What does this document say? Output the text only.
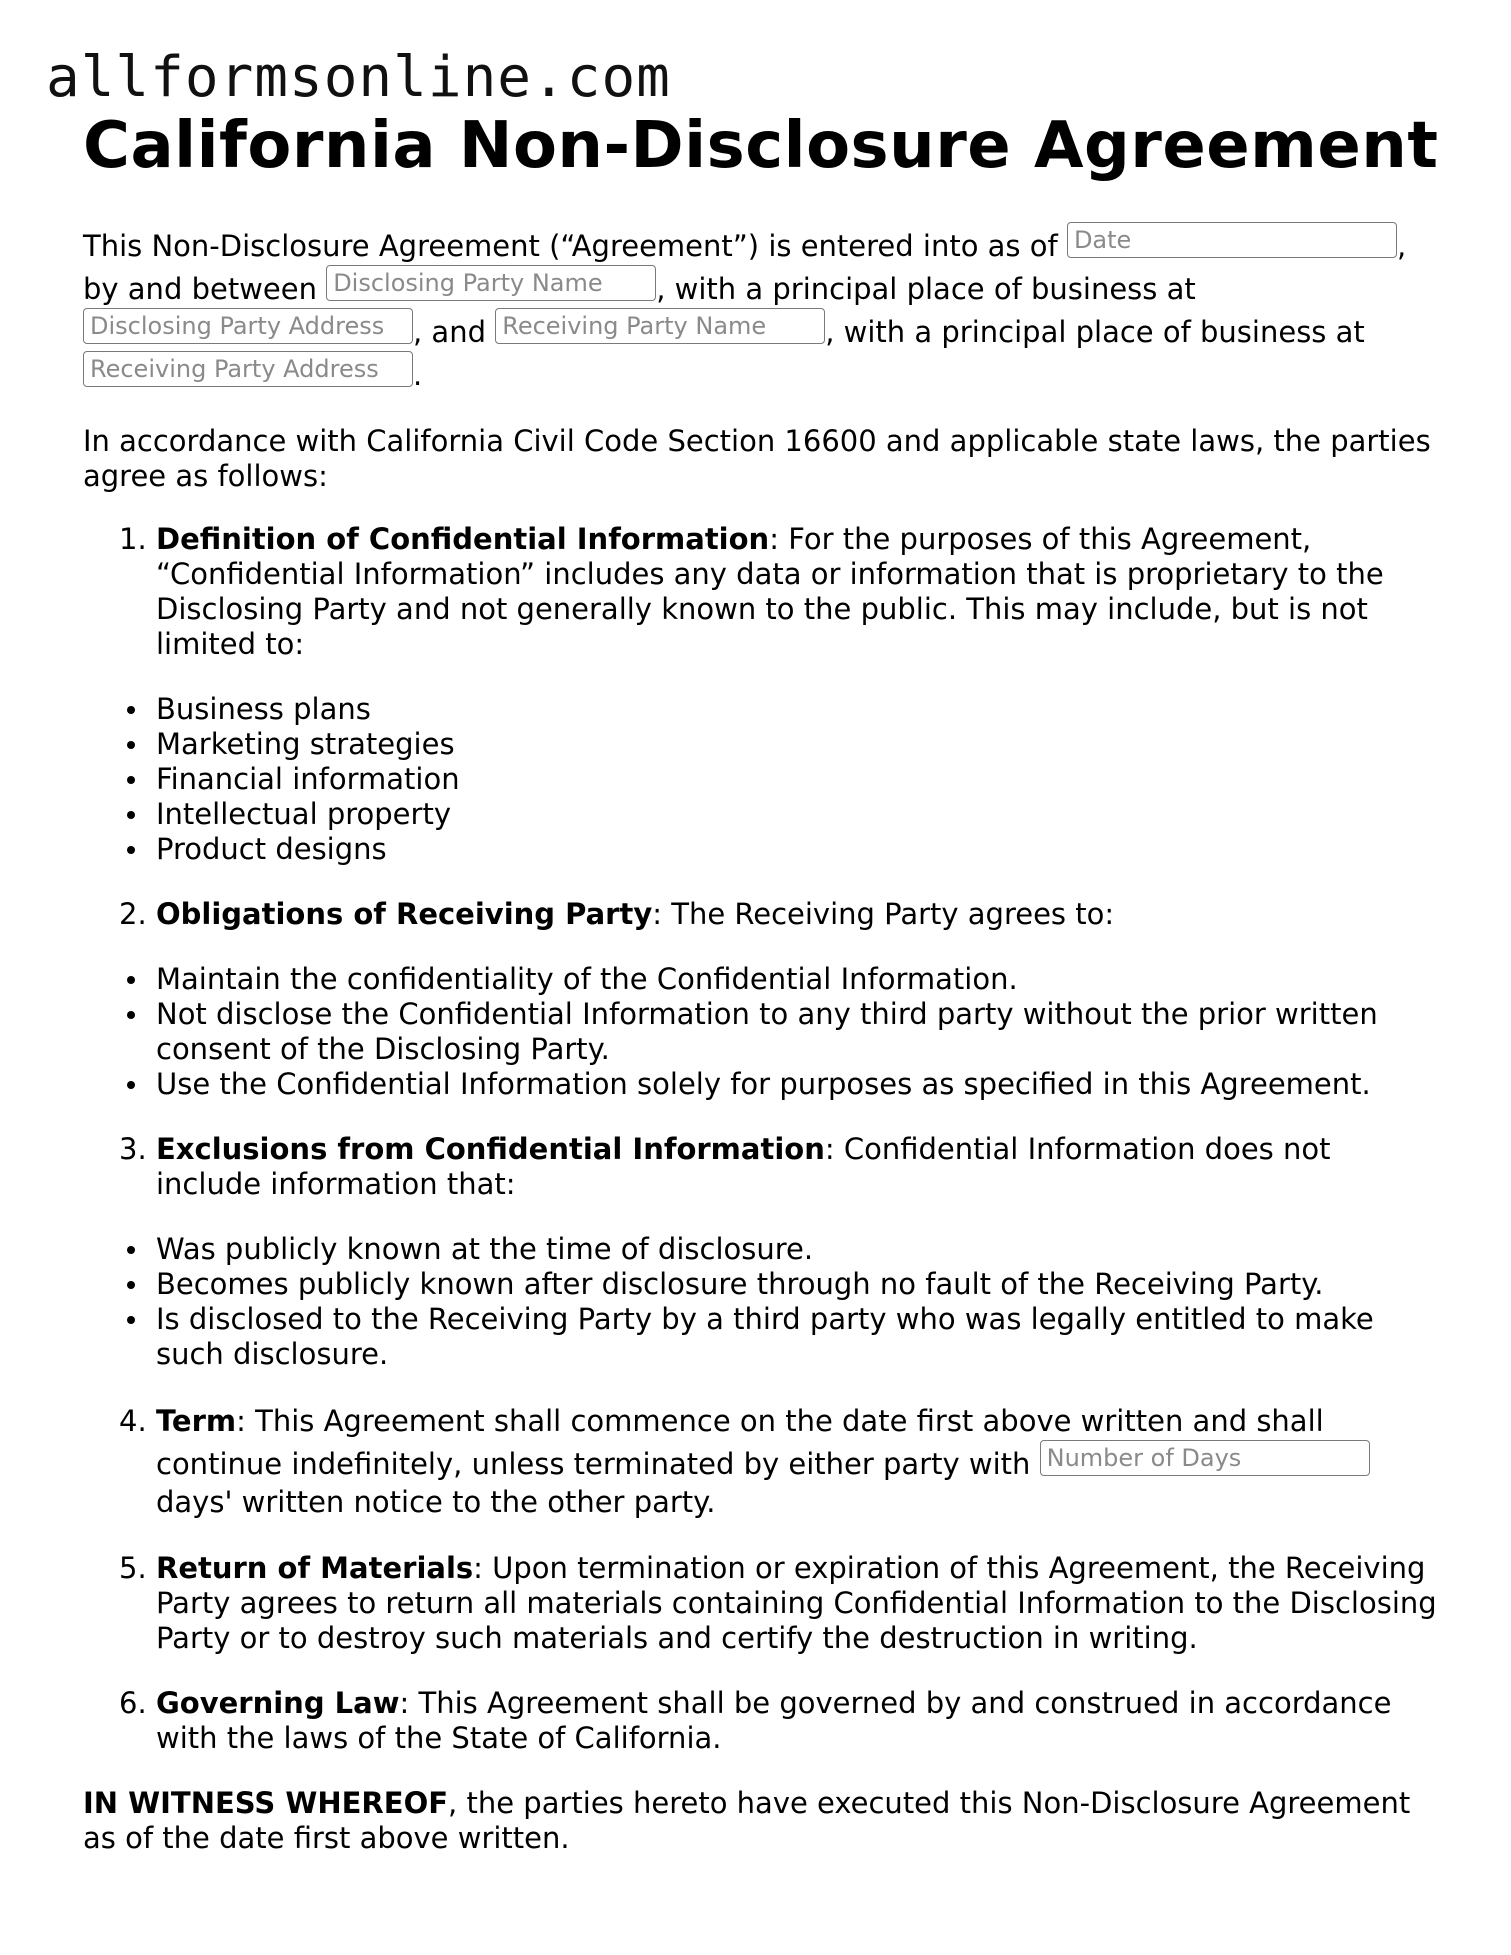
allformsonline.com
California Non-Disclosure Agreement

This Non-Disclosure Agreement (“Agreement”) is entered into as of Date	,
by and between Disclosing Party Name , with a principal place of business at
Disclosing Party Address , and Receiving Party Name , with a principal place of business at
Receiving Party Address .

In accordance with California Civil Code Section 16600 and applicable state laws, the parties agree as follows:

1. Definition of Confidential Information: For the purposes of this Agreement, “Confidential Information” includes any data or information that is proprietary to the Disclosing Party and not generally known to the public. This may include, but is not limited to:
Business plans
Marketing strategies
Financial information
Intellectual property
Product designs
2. Obligations of Receiving Party: The Receiving Party agrees to:
Maintain the confidentiality of the Confidential Information.
Not disclose the Confidential Information to any third party without the prior written consent of the Disclosing Party.
Use the Confidential Information solely for purposes as specified in this Agreement.
3. Exclusions from Confidential Information: Confidential Information does not include information that:
Was publicly known at the time of disclosure.
Becomes publicly known after disclosure through no fault of the Receiving Party.
Is disclosed to the Receiving Party by a third party who was legally entitled to make such disclosure.
4. Term: This Agreement shall commence on the date first above written and shall continue indefinitely, unless terminated by either party with Number of Days days' written notice to the other party.
5. Return of Materials: Upon termination or expiration of this Agreement, the Receiving Party agrees to return all materials containing Confidential Information to the Disclosing Party or to destroy such materials and certify the destruction in writing.
6. Governing Law: This Agreement shall be governed by and construed in accordance with the laws of the State of California.

IN WITNESS WHEREOF, the parties hereto have executed this Non-Disclosure Agreement as of the date first above written.
